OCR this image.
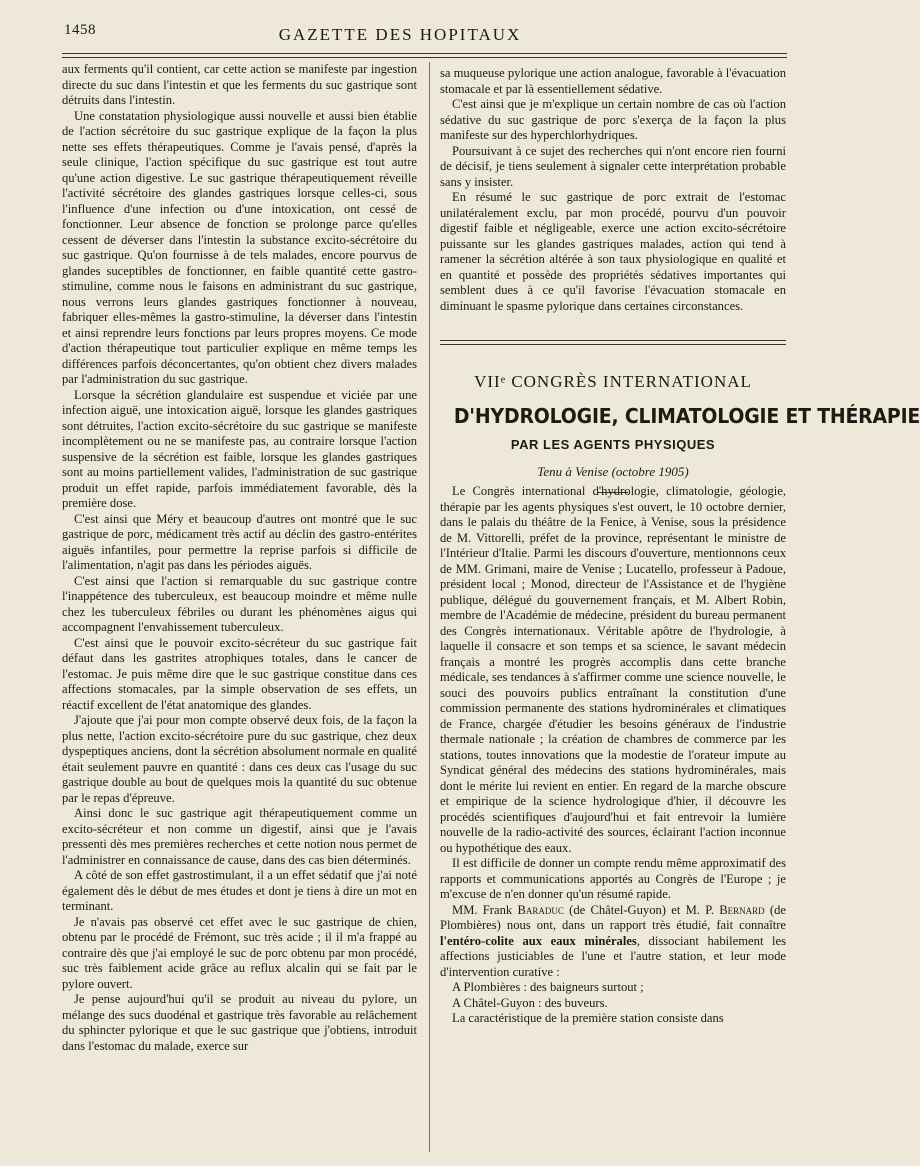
1458	GAZETTE DES HOPITAUX

aux ferments qu'il contient, car cette action se manifeste par ingestion directe du suc dans l'intestin et que les ferments du suc gastrique sont détruits dans l'intestin.

Une constatation physiologique aussi nouvelle et aussi bien établie de l'action sécrétoire du suc gastrique explique de la façon la plus nette ses effets thérapeutiques. Comme je l'avais pensé, d'après la seule clinique, l'action spécifique du suc gastrique est tout autre qu'une action digestive. Le suc gastrique thérapeutiquement réveille l'activité sécrétoire des glandes gastriques lorsque celles-ci, sous l'influence d'une infection ou d'une intoxication, ont cessé de fonctionner. Leur absence de fonction se prolonge parce qu'elles cessent de déverser dans l'intestin la substance excito-sécrétoire du suc gastrique. Qu'on fournisse à de tels malades, encore pourvus de glandes suceptibles de fonctionner, en faible quantité cette gastro-stimuline, comme nous le faisons en administrant du suc gastrique, nous verrons leurs glandes gastriques fonctionner à nouveau, fabriquer elles-mêmes la gastro-stimuline, la déverser dans l'intestin et ainsi reprendre leurs fonctions par leurs propres moyens. Ce mode d'action thérapeutique tout particulier explique en même temps les différences parfois déconcertantes, qu'on obtient chez divers malades par l'administration du suc gastrique.

Lorsque la sécrétion glandulaire est suspendue et viciée par une infection aiguë, une intoxication aiguë, lorsque les glandes gastriques sont détruites, l'action excito-sécrétoire du suc gastrique se manifeste incomplètement ou ne se manifeste pas, au contraire lorsque l'action suspensive de la sécrétion est faible, lorsque les glandes gastriques sont au moins partiellement valides, l'administration de suc gastrique produit un effet rapide, parfois immédiatement favorable, dès la première dose.

C'est ainsi que Méry et beaucoup d'autres ont montré que le suc gastrique de porc, médicament très actif au déclin des gastro-entérites aiguës infantiles, pour permettre la reprise parfois si difficile de l'alimentation, n'agit pas dans les périodes aiguës.

C'est ainsi que l'action si remarquable du suc gastrique contre l'inappétence des tuberculeux, est beaucoup moindre et même nulle chez les tuberculeux fébriles ou durant les phénomènes aigus qui accompagnent l'envahissement tuberculeux.

C'est ainsi que le pouvoir excito-sécréteur du suc gastrique fait défaut dans les gastrites atrophiques totales, dans le cancer de l'estomac. Je puis même dire que le suc gastrique constitue dans ces affections stomacales, par la simple observation de ses effets, un réactif excellent de l'état anatomique des glandes.

J'ajoute que j'ai pour mon compte observé deux fois, de la façon la plus nette, l'action excito-sécrétoire pure du suc gastrique, chez deux dyspeptiques anciens, dont la sécrétion absolument normale en qualité était seulement pauvre en quantité : dans ces deux cas l'usage du suc gastrique double au bout de quelques mois la quantité du suc obtenue par le repas d'épreuve.

Ainsi donc le suc gastrique agit thérapeutiquement comme un excito-sécréteur et non comme un digestif, ainsi que je l'avais pressenti dès mes premières recherches et cette notion nous permet de l'administrer en connaissance de cause, dans des cas bien déterminés.

A côté de son effet gastrostimulant, il a un effet sédatif que j'ai noté également dès le début de mes études et dont je tiens à dire un mot en terminant.

Je n'avais pas observé cet effet avec le suc gastrique de chien, obtenu par le procédé de Frémont, suc très acide ; il il m'a frappé au contraire dès que j'ai employé le suc de porc obtenu par mon procédé, suc très faiblement acide grâce au reflux alcalin qui se fait par le pylore ouvert.

Je pense aujourd'hui qu'il se produit au niveau du pylore, un mélange des sucs duodénal et gastrique très favorable au relâchement du sphincter pylorique et que le suc gastrique que j'obtiens, introduit dans l'estomac du malade, exerce sur

sa muqueuse pylorique une action analogue, favorable à l'évacuation stomacale et par là essentiellement sédative.

C'est ainsi que je m'explique un certain nombre de cas où l'action sédative du suc gastrique de porc s'exerça de la façon la plus manifeste sur des hyperchlorhydriques.

Poursuivant à ce sujet des recherches qui n'ont encore rien fourni de décisif, je tiens seulement à signaler cette interprétation probable sans y insister.

En résumé le suc gastrique de porc extrait de l'estomac unilatéralement exclu, par mon procédé, pourvu d'un pouvoir digestif faible et négligeable, exerce une action excito-sécrétoire puissante sur les glandes gastriques malades, action qui tend à ramener la sécrétion altérée à son taux physiologique en qualité et en quantité et possède des propriétés sédatives importantes qui semblent dues à ce qu'il favorise l'évacuation stomacale en diminuant le spasme pylorique dans certaines circonstances.

VIIᵉ CONGRÈS INTERNATIONAL
D'HYDROLOGIE, CLIMATOLOGIE ET THÉRAPIE
PAR LES AGENTS PHYSIQUES
Tenu à Venise (octobre 1905)

Le Congrès international d'hydrologie, climatologie, géologie, thérapie par les agents physiques s'est ouvert, le 10 octobre dernier, dans le palais du théâtre de la Fenice, à Venise, sous la présidence de M. Vittorelli, préfet de la province, représentant le ministre de l'Intérieur d'Italie. Parmi les discours d'ouverture, mentionnons ceux de MM. Grimani, maire de Venise ; Lucatello, professeur à Padoue, président local ; Monod, directeur de l'Assistance et de l'hygiène publique, délégué du gouvernement français, et M. Albert Robin, membre de l'Académie de médecine, président du bureau permanent des Congrès internationaux. Véritable apôtre de l'hydrologie, à laquelle il consacre et son temps et sa science, le savant médecin français a montré les progrès accomplis dans cette branche médicale, ses tendances à s'affirmer comme une science nouvelle, le souci des pouvoirs publics entraînant la constitution d'une commission permanente des stations hydrominérales et climatiques de France, chargée d'étudier les besoins généraux de l'industrie thermale nationale ; la création de chambres de commerce par les stations, toutes innovations que la modestie de l'orateur impute au Syndicat général des médecins des stations hydrominérales, mais dont le mérite lui revient en entier. En regard de la marche obscure et empirique de la science hydrologique d'hier, il découvre les procédés scientifiques d'aujourd'hui et fait entrevoir la lumière nouvelle de la radio-activité des sources, éclairant l'action inconnue ou hypothétique des eaux.

Il est difficile de donner un compte rendu même approximatif des rapports et communications apportés au Congrès de l'Europe ; je m'excuse de n'en donner qu'un résumé rapide.

MM. Frank Baraduc (de Châtel-Guyon) et M. P. Bernard (de Plombières) nous ont, dans un rapport très étudié, fait connaître l'entéro-colite aux eaux minérales, dissociant habilement les affections justiciables de l'une et l'autre station, et leur mode d'intervention curative :

A Plombières : des baigneurs surtout ;

A Châtel-Guyon : des buveurs.

La caractéristique de la première station consiste dans
